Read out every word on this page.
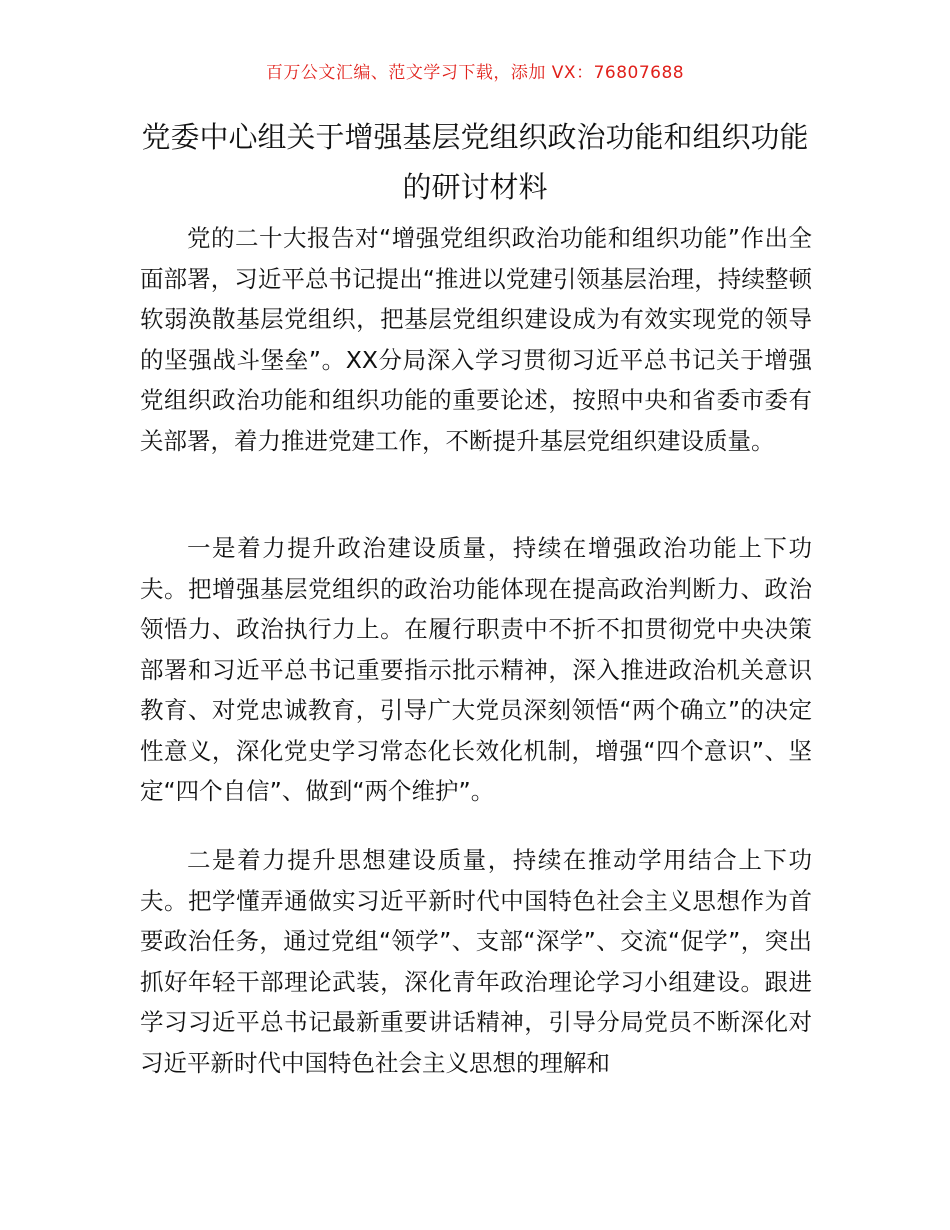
百万公文汇编、范文学习下载，添加 VX：76807688
党委中心组关于增强基层党组织政治功能和组织功能的研讨材料

党的二十大报告对“增强党组织政治功能和组织功能”作出全面部署，习近平总书记提出“推进以党建引领基层治理，持续整顿软弱涣散基层党组织，把基层党组织建设成为有效实现党的领导的坚强战斗堡垒”。XX分局深入学习贯彻习近平总书记关于增强党组织政治功能和组织功能的重要论述，按照中央和省委市委有关部署，着力推进党建工作，不断提升基层党组织建设质量。

一是着力提升政治建设质量，持续在增强政治功能上下功夫。把增强基层党组织的政治功能体现在提高政治判断力、政治领悟力、政治执行力上。在履行职责中不折不扣贯彻党中央决策部署和习近平总书记重要指示批示精神，深入推进政治机关意识教育、对党忠诚教育，引导广大党员深刻领悟“两个确立”的决定性意义，深化党史学习常态化长效化机制，增强“四个意识”、坚定“四个自信”、做到“两个维护”。

二是着力提升思想建设质量，持续在推动学用结合上下功夫。把学懂弄通做实习近平新时代中国特色社会主义思想作为首要政治任务，通过党组“领学”、支部“深学”、交流“促学”，突出抓好年轻干部理论武装，深化青年政治理论学习小组建设。跟进学习习近平总书记最新重要讲话精神，引导分局党员不断深化对习近平新时代中国特色社会主义思想的理解和
